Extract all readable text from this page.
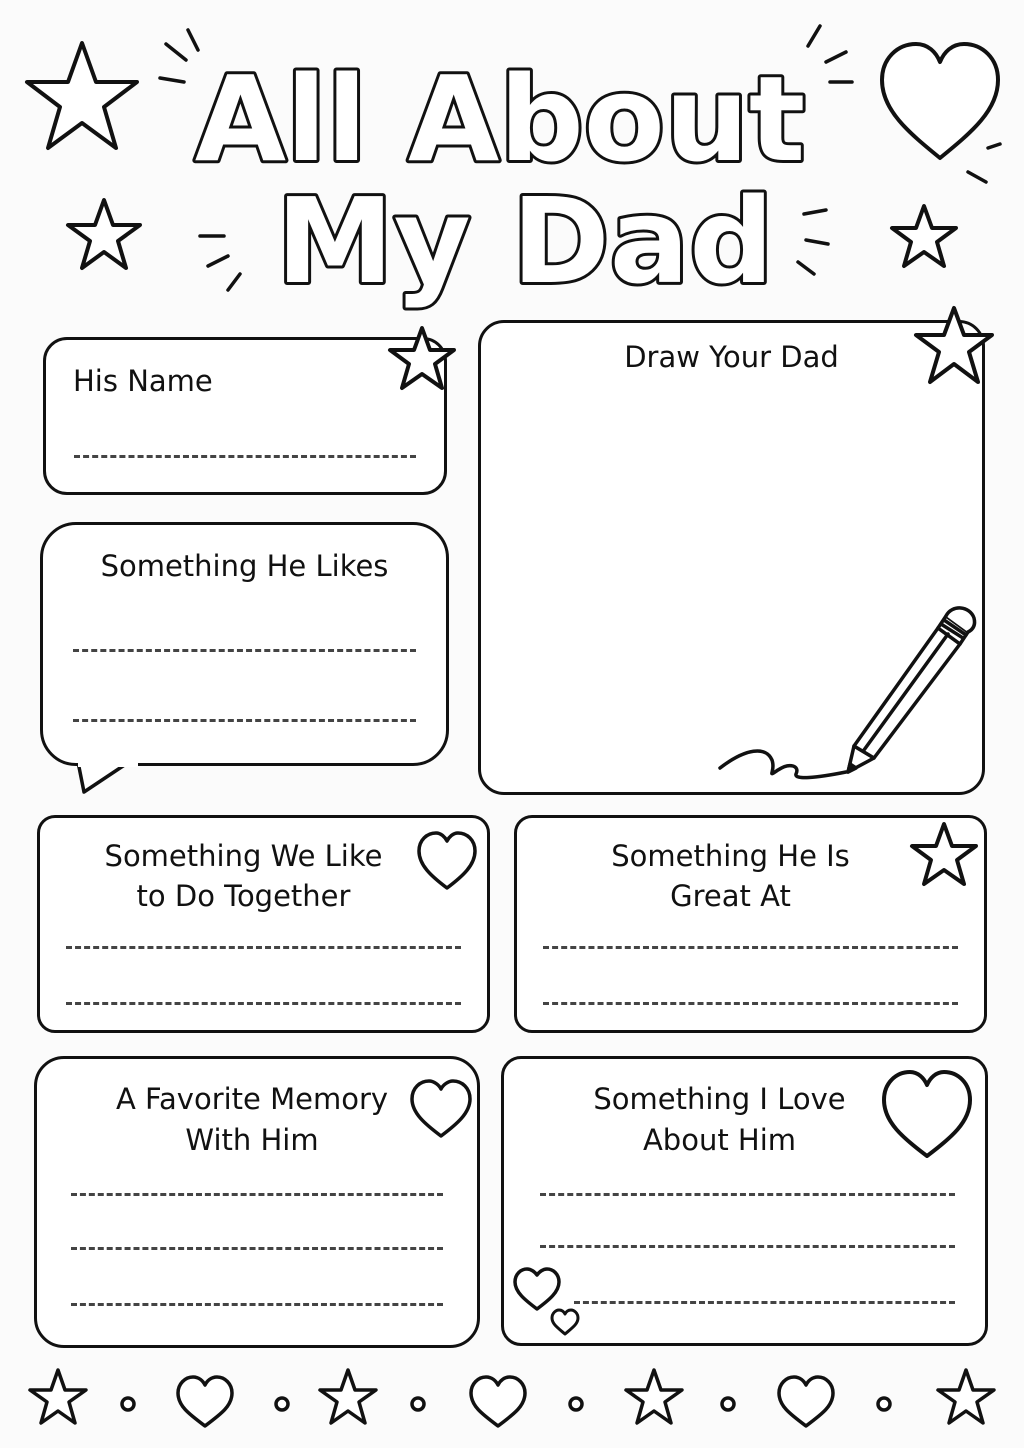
All About
My Dad
His Name
Something He Likes
Draw Your Dad
Something We Like
to Do Together
Something He Is
Great At
A Favorite Memory
With Him
Something I Love
About Him
